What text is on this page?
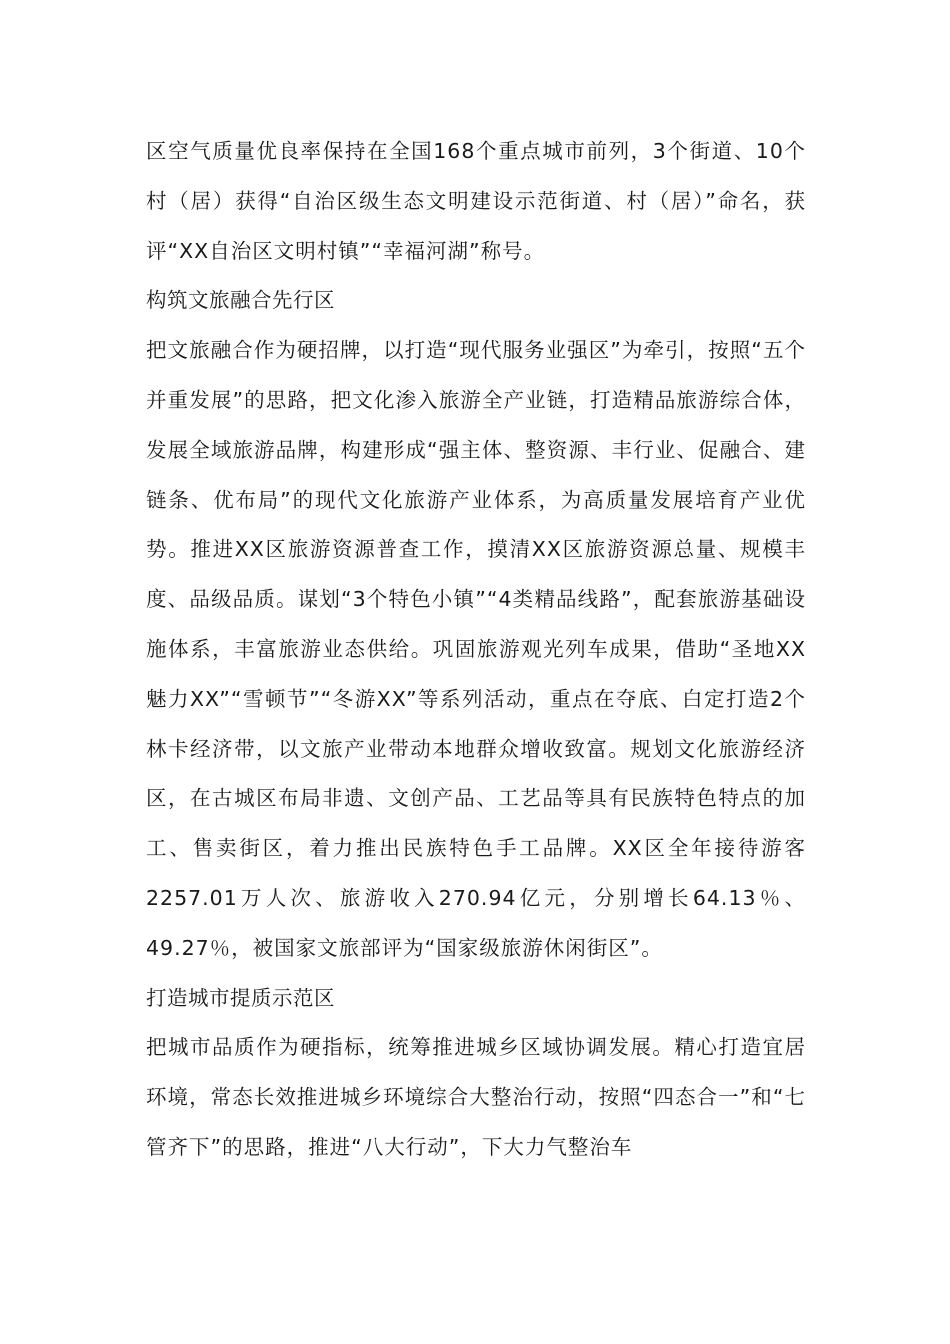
区空气质量优良率保持在全国168个重点城市前列，3个街道、10个村（居）获得“自治区级生态文明建设示范街道、村（居）”命名，获评“XX自治区文明村镇”“幸福河湖”称号。

构筑文旅融合先行区

把文旅融合作为硬招牌，以打造“现代服务业强区”为牵引，按照“五个并重发展”的思路，把文化渗入旅游全产业链，打造精品旅游综合体，发展全域旅游品牌，构建形成“强主体、整资源、丰行业、促融合、建链条、优布局”的现代文化旅游产业体系，为高质量发展培育产业优势。推进XX区旅游资源普查工作，摸清XX区旅游资源总量、规模丰度、品级品质。谋划“3个特色小镇”“4类精品线路”，配套旅游基础设施体系，丰富旅游业态供给。巩固旅游观光列车成果，借助“圣地XX魅力XX”“雪顿节”“冬游XX”等系列活动，重点在夺底、白定打造2个林卡经济带，以文旅产业带动本地群众增收致富。规划文化旅游经济区，在古城区布局非遗、文创产品、工艺品等具有民族特色特点的加工、售卖街区，着力推出民族特色手工品牌。XX区全年接待游客2257.01万人次、旅游收入270.94亿元，分别增长64.13％、49.27％，被国家文旅部评为“国家级旅游休闲街区”。

打造城市提质示范区

把城市品质作为硬指标，统筹推进城乡区域协调发展。精心打造宜居环境，常态长效推进城乡环境综合大整治行动，按照“四态合一”和“七管齐下”的思路，推进“八大行动”，下大力气整治车
